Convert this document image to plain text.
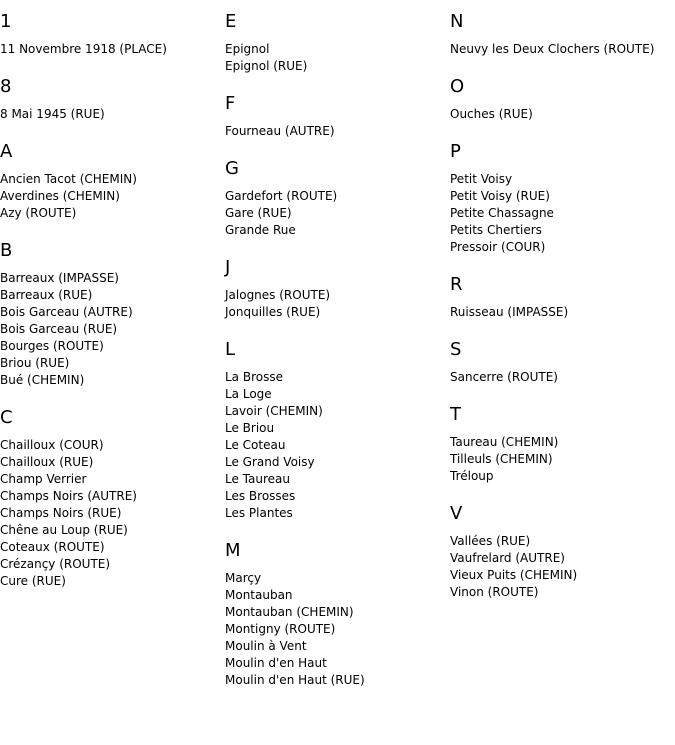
1
11 Novembre 1918 (PLACE)
8
8 Mai 1945 (RUE)
A
Ancien Tacot (CHEMIN)
Averdines (CHEMIN)
Azy (ROUTE)
B
Barreaux (IMPASSE)
Barreaux (RUE)
Bois Garceau (AUTRE)
Bois Garceau (RUE)
Bourges (ROUTE)
Briou (RUE)
Bué (CHEMIN)
C
Chailloux (COUR)
Chailloux (RUE)
Champ Verrier
Champs Noirs (AUTRE)
Champs Noirs (RUE)
Chêne au Loup (RUE)
Coteaux (ROUTE)
Crézançy (ROUTE)
Cure (RUE)
E
Epignol
Epignol (RUE)
F
Fourneau (AUTRE)
G
Gardefort (ROUTE)
Gare (RUE)
Grande Rue
J
Jalognes (ROUTE)
Jonquilles (RUE)
L
La Brosse
La Loge
Lavoir (CHEMIN)
Le Briou
Le Coteau
Le Grand Voisy
Le Taureau
Les Brosses
Les Plantes
M
Marçy
Montauban
Montauban (CHEMIN)
Montigny (ROUTE)
Moulin à Vent
Moulin d'en Haut
Moulin d'en Haut (RUE)
N
Neuvy les Deux Clochers (ROUTE)
O
Ouches (RUE)
P
Petit Voisy
Petit Voisy (RUE)
Petite Chassagne
Petits Chertiers
Pressoir (COUR)
R
Ruisseau (IMPASSE)
S
Sancerre (ROUTE)
T
Taureau (CHEMIN)
Tilleuls (CHEMIN)
Tréloup
V
Vallées (RUE)
Vaufrelard (AUTRE)
Vieux Puits (CHEMIN)
Vinon (ROUTE)
